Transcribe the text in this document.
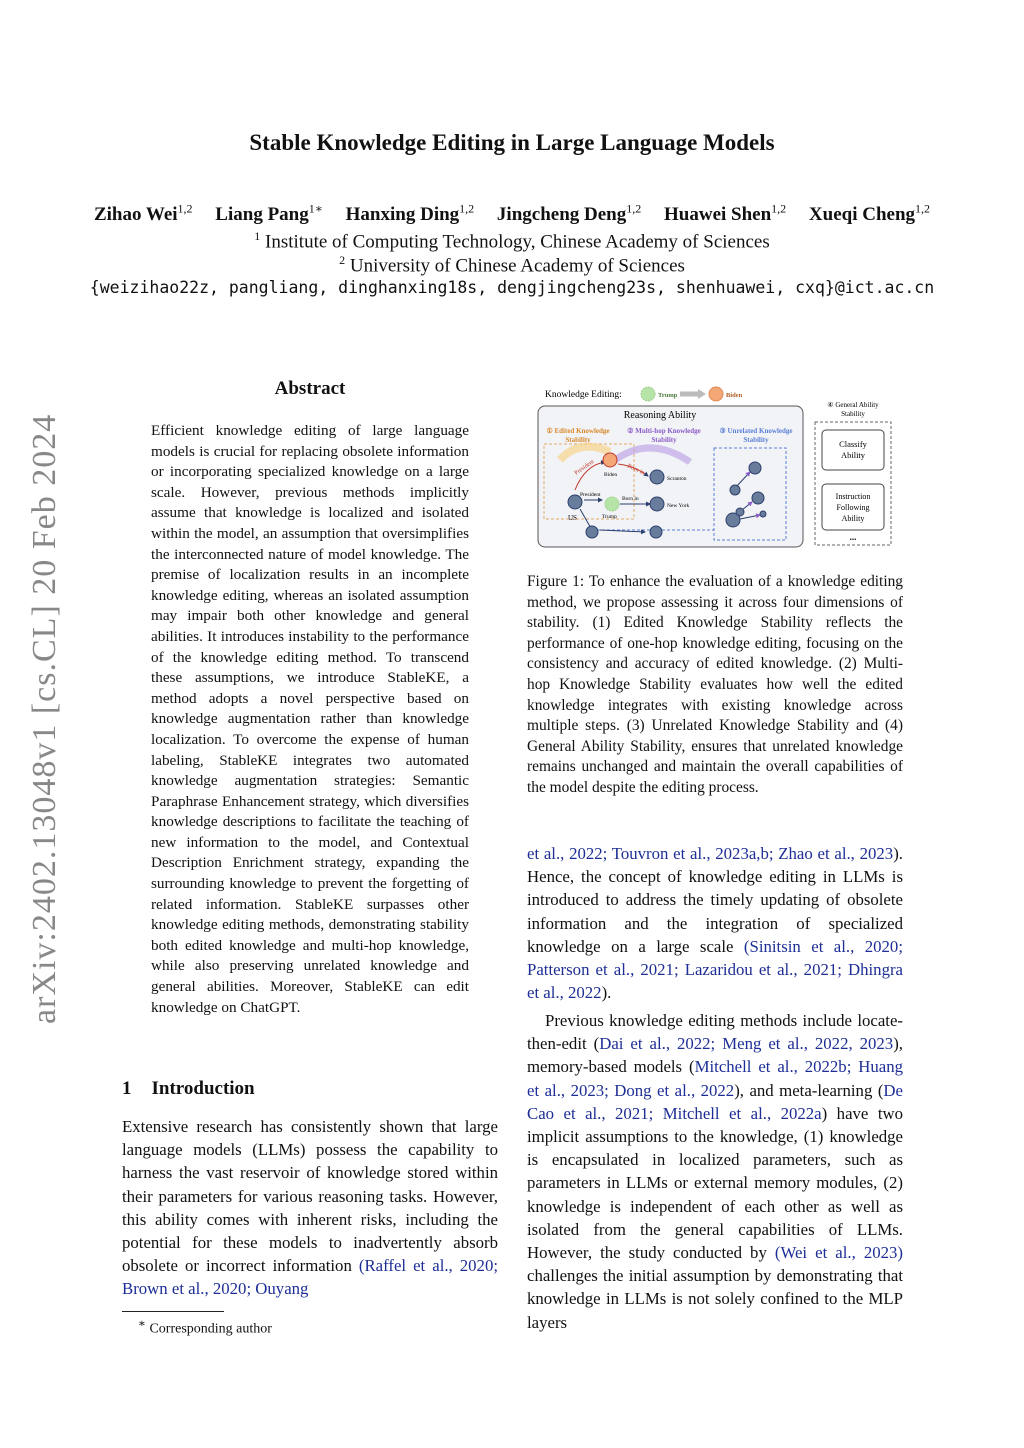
Stable Knowledge Editing in Large Language Models
Zihao Wei$^{1,2}$ Liang Pang$^{1∗}$ Hanxing Ding$^{1,2}$ Jingcheng Deng$^{1,2}$ Huawei Shen$^{1,2}$ Xueqi Cheng$^{1,2}$
$^1$ Institute of Computing Technology, Chinese Academy of Sciences
$^2$ University of Chinese Academy of Sciences
{weizihao22z, pangliang, dinghanxing18s, dengjingcheng23s, shenhuawei, cxq}@ict.ac.cn
arXiv:2402.13048v1 [cs.CL] 20 Feb 2024
Abstract
Efficient knowledge editing of large language models is crucial for replacing obsolete information or incorporating specialized knowledge on a large scale. However, previous methods implicitly assume that knowledge is localized and isolated within the model, an assumption that oversimplifies the interconnected nature of model knowledge. The premise of localization results in an incomplete knowledge editing, whereas an isolated assumption may impair both other knowledge and general abilities. It introduces instability to the performance of the knowledge editing method. To transcend these assumptions, we introduce StableKE, a method adopts a novel perspective based on knowledge augmentation rather than knowledge localization. To overcome the expense of human labeling, StableKE integrates two automated knowledge augmentation strategies: Semantic Paraphrase Enhancement strategy, which diversifies knowledge descriptions to facilitate the teaching of new information to the model, and Contextual Description Enrichment strategy, expanding the surrounding knowledge to prevent the forgetting of related information. StableKE surpasses other knowledge editing methods, demonstrating stability both edited knowledge and multi-hop knowledge, while also preserving unrelated knowledge and general abilities. Moreover, StableKE can edit knowledge on ChatGPT.
1 Introduction
Extensive research has consistently shown that large language models (LLMs) possess the capability to harness the vast reservoir of knowledge stored within their parameters for various reasoning tasks. However, this ability comes with inherent risks, including the potential for these models to inadvertently absorb obsolete or incorrect information (Raffel et al., 2020; Brown et al., 2020; Ouyang
∗ Corresponding author
et al., 2022; Touvron et al., 2023a,b; Zhao et al., 2023). Hence, the concept of knowledge editing in LLMs is introduced to address the timely updating of obsolete information and the integration of specialized knowledge on a large scale (Sinitsin et al., 2020; Patterson et al., 2021; Lazaridou et al., 2021; Dhingra et al., 2022).
Previous knowledge editing methods include locate-then-edit (Dai et al., 2022; Meng et al., 2022, 2023), memory-based models (Mitchell et al., 2022b; Huang et al., 2023; Dong et al., 2022), and meta-learning (De Cao et al., 2021; Mitchell et al., 2022a) have two implicit assumptions to the knowledge, (1) knowledge is encapsulated in localized parameters, such as parameters in LLMs or external memory modules, (2) knowledge is independent of each other as well as isolated from the general capabilities of LLMs. However, the study conducted by (Wei et al., 2023) challenges the initial assumption by demonstrating that knowledge in LLMs is not solely confined to the MLP layers
Knowledge Editing:	Trump	Biden
Reasoning Ability
① Edited Knowledge
Stability
② Multi-hop Knowledge
Stability
③ Unrelated Knowledge
Stability
President	Born in
President
Born in
US
Biden
Trump
Scranton
New York
④ General Ability
Stability
Classify
Ability
Instruction
Following
Ability
...
Figure 1: To enhance the evaluation of a knowledge editing method, we propose assessing it across four dimensions of stability. (1) Edited Knowledge Stability reflects the performance of one-hop knowledge editing, focusing on the consistency and accuracy of edited knowledge. (2) Multi-hop Knowledge Stability evaluates how well the edited knowledge integrates with existing knowledge across multiple steps. (3) Unrelated Knowledge Stability and (4) General Ability Stability, ensures that unrelated knowledge remains unchanged and maintain the overall capabilities of the model despite the editing process.
